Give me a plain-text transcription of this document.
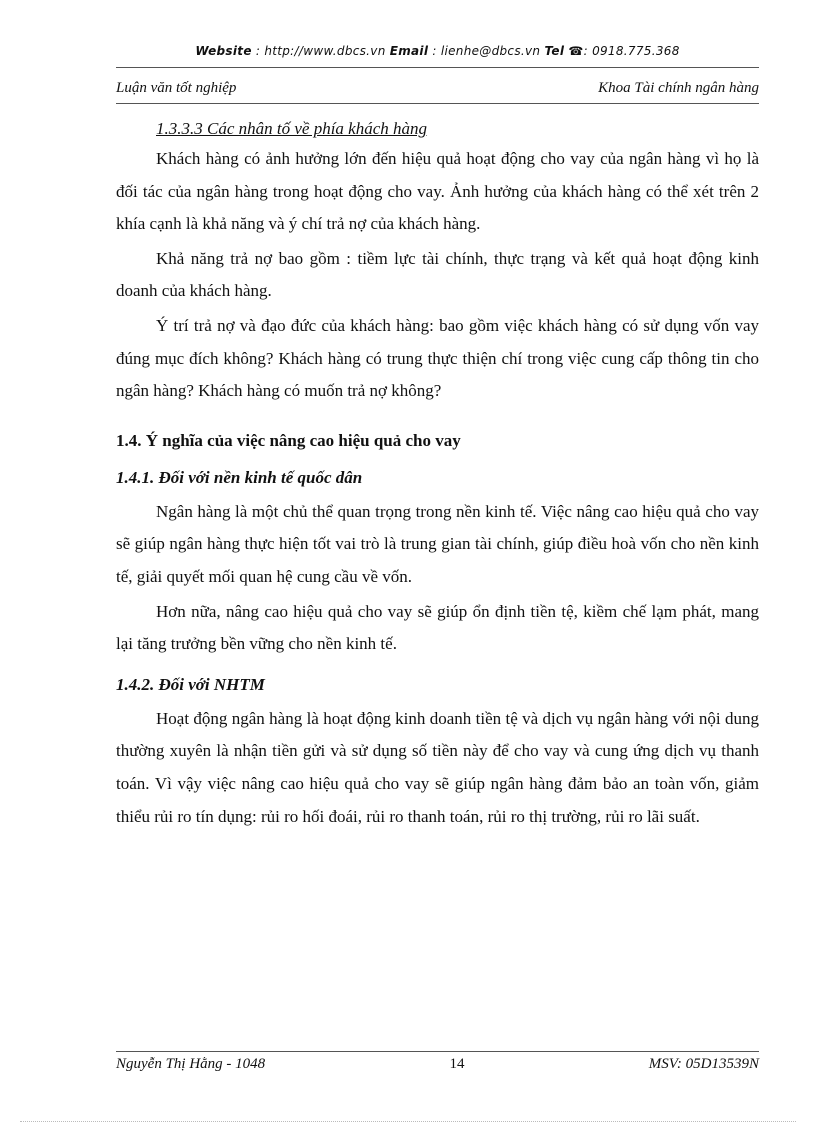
Website : http://www.dbcs.vn Email : lienhe@dbcs.vn Tel ☎: 0918.775.368
Luận văn tốt nghiệp	Khoa Tài chính ngân hàng

1.3.3.3 Các nhân tố về phía khách hàng

Khách hàng có ảnh hưởng lớn đến hiệu quả hoạt động cho vay của ngân hàng vì họ là đối tác của ngân hàng trong hoạt động cho vay. Ảnh hưởng của khách hàng có thể xét trên 2 khía cạnh là khả năng và ý chí trả nợ của khách hàng.

Khả năng trả nợ bao gồm : tiềm lực tài chính, thực trạng và kết quả hoạt động kinh doanh của khách hàng.

Ý trí trả nợ và đạo đức của khách hàng: bao gồm việc khách hàng có sử dụng vốn vay đúng mục đích không? Khách hàng có trung thực thiện chí trong việc cung cấp thông tin cho ngân hàng? Khách hàng có muốn trả nợ không?

1.4. Ý nghĩa của việc nâng cao hiệu quả cho vay

1.4.1. Đối với nền kinh tế quốc dân

Ngân hàng là một chủ thể quan trọng trong nền kinh tế. Việc nâng cao hiệu quả cho vay sẽ giúp ngân hàng thực hiện tốt vai trò là trung gian tài chính, giúp điều hoà vốn cho nền kinh tế, giải quyết mối quan hệ cung cầu về vốn.

Hơn nữa, nâng cao hiệu quả cho vay sẽ giúp ổn định tiền tệ, kiềm chế lạm phát, mang lại tăng trưởng bền vững cho nền kinh tế.

1.4.2. Đối với NHTM

Hoạt động ngân hàng là hoạt động kinh doanh tiền tệ và dịch vụ ngân hàng với nội dung thường xuyên là nhận tiền gửi và sử dụng số tiền này để cho vay và cung ứng dịch vụ thanh toán. Vì vậy việc nâng cao hiệu quả cho vay sẽ giúp ngân hàng đảm bảo an toàn vốn, giảm thiểu rủi ro tín dụng: rủi ro hối đoái, rủi ro thanh toán, rủi ro thị trường, rủi ro lãi suất.

Nguyễn Thị Hằng - 1048	14	MSV: 05D13539N
